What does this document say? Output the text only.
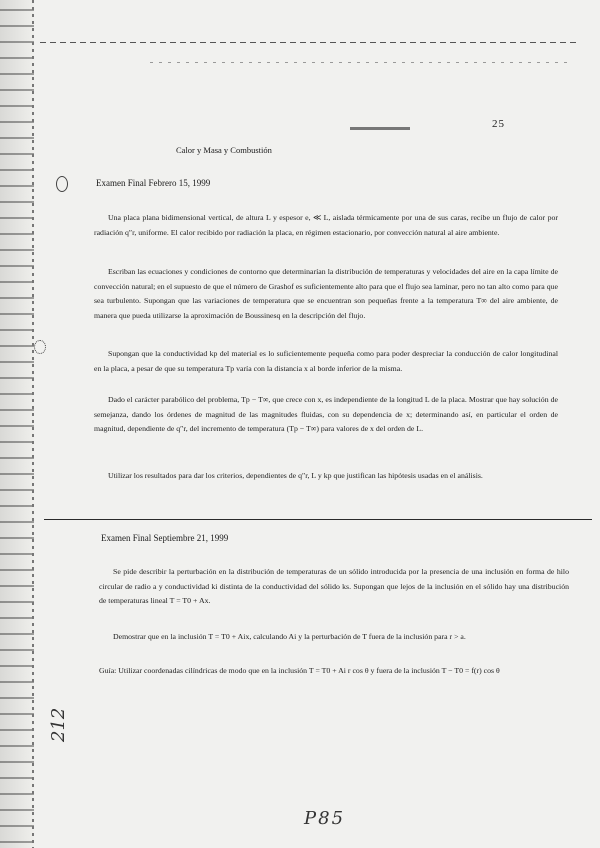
25
Calor y Masa y Combustión
Examen Final Febrero 15, 1999

Una placa plana bidimensional vertical, de altura L y espesor e, ≪ L, aislada térmicamente por una de sus caras, recibe un flujo de calor por radiación q″r, uniforme. El calor recibido por radiación la placa, en régimen estacionario, por convección natural al aire ambiente.

Escriban las ecuaciones y condiciones de contorno que determinarían la distribución de temperaturas y velocidades del aire en la capa límite de convección natural; en el supuesto de que el número de Grashof es suficientemente alto para que el flujo sea laminar, pero no tan alto como para que sea turbulento. Supongan que las variaciones de temperatura que se encuentran son pequeñas frente a la temperatura T∞ del aire ambiente, de manera que pueda utilizarse la aproximación de Boussinesq en la descripción del flujo.

Supongan que la conductividad kp del material es lo suficientemente pequeña como para poder despreciar la conducción de calor longitudinal en la placa, a pesar de que su temperatura Tp varía con la distancia x al borde inferior de la misma.

Dado el carácter parabólico del problema, Tp − T∞, que crece con x, es independiente de la longitud L de la placa. Mostrar que hay solución de semejanza, dando los órdenes de magnitud de las magnitudes fluidas, con su dependencia de x; determinando así, en particular el orden de magnitud, dependiente de q″r, del incremento de temperatura (Tp − T∞) para valores de x del orden de L.

Utilizar los resultados para dar los criterios, dependientes de q″r, L y kp que justifican las hipótesis usadas en el análisis.

Examen Final Septiembre 21, 1999

Se pide describir la perturbación en la distribución de temperaturas de un sólido introducida por la presencia de una inclusión en forma de hilo circular de radio a y conductividad ki distinta de la conductividad del sólido ks. Supongan que lejos de la inclusión en el sólido hay una distribución de temperaturas lineal T = T0 + Ax.

Demostrar que en la inclusión T = T0 + Aix, calculando Ai y la perturbación de T fuera de la inclusión para r > a.

Guía: Utilizar coordenadas cilíndricas de modo que en la inclusión T = T0 + Ai r cos θ y fuera de la inclusión T − T0 = f(r) cos θ

212
P85
